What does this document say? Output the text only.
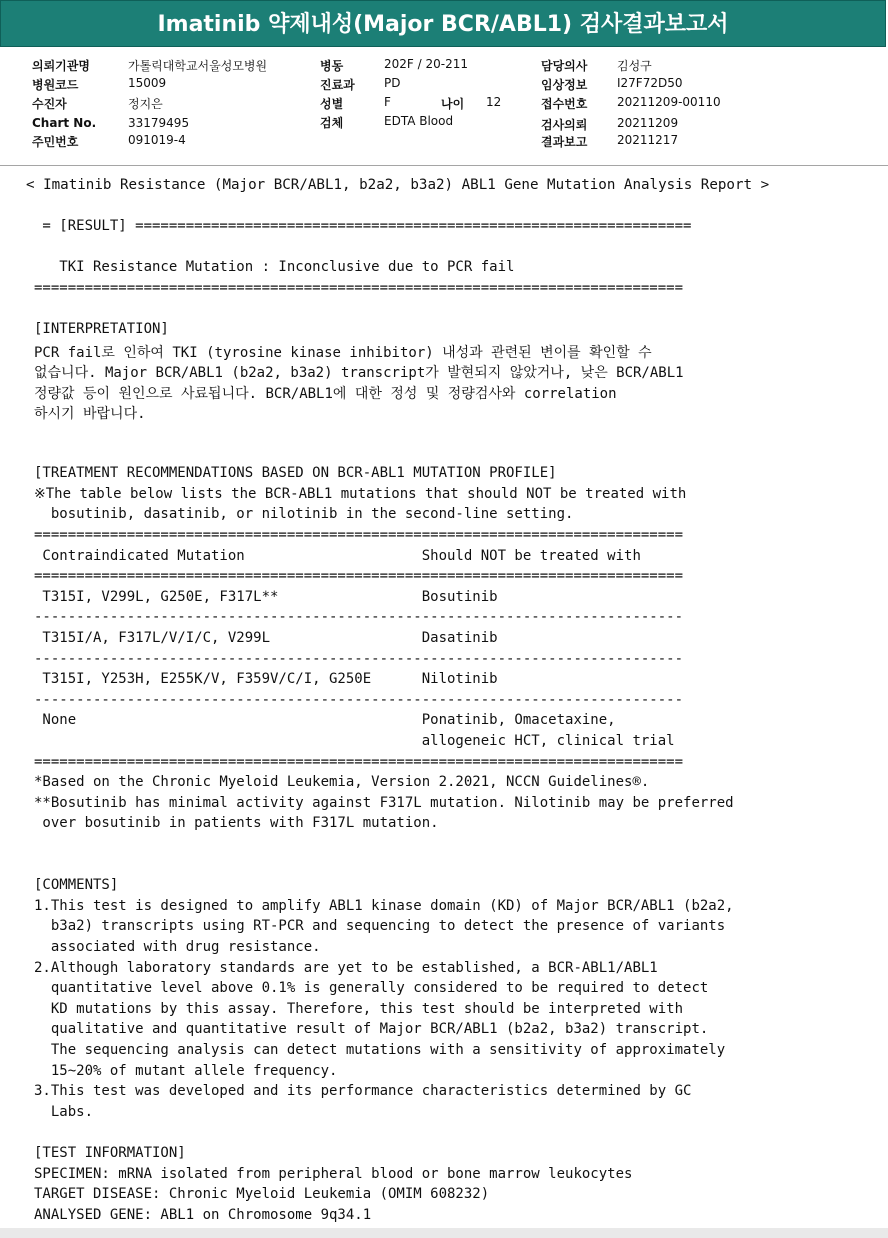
Imatinib 약제내성(Major BCR/ABL1) 검사결과보고서
의뢰기관명	가톨릭대학교서울성모병원
병원코드	15009
수진자	정지은
Chart No.	33179495
주민번호	091019-4
병동	202F / 20-211
진료과 PD
성별	F	나이 12
검체	EDTA Blood
담당의사 김성구
임상정보 I27F72D50
접수번호 20211209-00110
검사의뢰 20211209
결과보고 20211217
< Imatinib Resistance (Major BCR/ABL1, b2a2, b3a2) ABL1 Gene Mutation Analysis Report >
= [RESULT] ==================================================================
TKI Resistance Mutation : Inconclusive due to PCR fail
=============================================================================
[INTERPRETATION]
PCR fail로 인하여 TKI (tyrosine kinase inhibitor) 내성과 관련된 변이를 확인할 수
없습니다. Major BCR/ABL1 (b2a2, b3a2) transcript가 발현되지 않았거나, 낮은 BCR/ABL1
정량값 등이 원인으로 사료됩니다. BCR/ABL1에 대한 정성 및 정량검사와 correlation
하시기 바랍니다.
[TREATMENT RECOMMENDATIONS BASED ON BCR-ABL1 MUTATION PROFILE]
※The table below lists the BCR-ABL1 mutations that should NOT be treated with
bosutinib, dasatinib, or nilotinib in the second-line setting.
=============================================================================
Contraindicated Mutation                     Should NOT be treated with
=============================================================================
T315I, V299L, G250E, F317L**                 Bosutinib
-----------------------------------------------------------------------------
T315I/A, F317L/V/I/C, V299L                  Dasatinib
-----------------------------------------------------------------------------
T315I, Y253H, E255K/V, F359V/C/I, G250E      Nilotinib
-----------------------------------------------------------------------------
None                                         Ponatinib, Omacetaxine,
allogeneic HCT, clinical trial
=============================================================================
*Based on the Chronic Myeloid Leukemia, Version 2.2021, NCCN Guidelines®.
**Bosutinib has minimal activity against F317L mutation. Nilotinib may be preferred
over bosutinib in patients with F317L mutation.
[COMMENTS]
1.This test is designed to amplify ABL1 kinase domain (KD) of Major BCR/ABL1 (b2a2,
b3a2) transcripts using RT-PCR and sequencing to detect the presence of variants
associated with drug resistance.
2.Although laboratory standards are yet to be established, a BCR-ABL1/ABL1
quantitative level above 0.1% is generally considered to be required to detect
KD mutations by this assay. Therefore, this test should be interpreted with
qualitative and quantitative result of Major BCR/ABL1 (b2a2, b3a2) transcript.
The sequencing analysis can detect mutations with a sensitivity of approximately
15~20% of mutant allele frequency.
3.This test was developed and its performance characteristics determined by GC
Labs.
[TEST INFORMATION]
SPECIMEN: mRNA isolated from peripheral blood or bone marrow leukocytes
TARGET DISEASE: Chronic Myeloid Leukemia (OMIM 608232)
ANALYSED GENE: ABL1 on Chromosome 9q34.1
